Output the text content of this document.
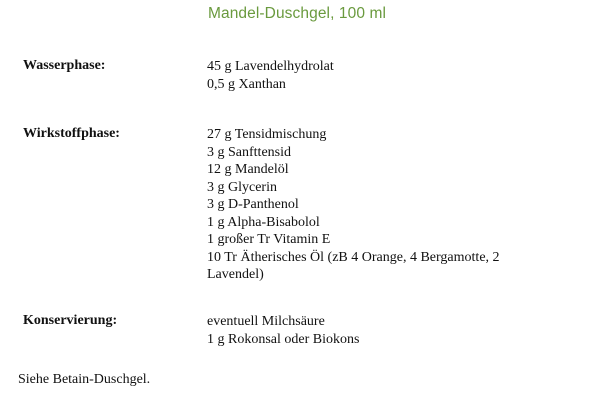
Mandel-Duschgel, 100 ml
Wasserphase:	45 g Lavendelhydrolat
0,5 g Xanthan
Wirkstoffphase:	27 g Tensidmischung
3 g Sanfttensid
12 g Mandelöl
3 g Glycerin
3 g D-Panthenol
1 g Alpha-Bisabolol
1 großer Tr Vitamin E
10 Tr Ätherisches Öl (zB 4 Orange, 4 Bergamotte, 2
Lavendel)
Konservierung:	eventuell Milchsäure
1 g Rokonsal oder Biokons
Siehe Betain-Duschgel.
